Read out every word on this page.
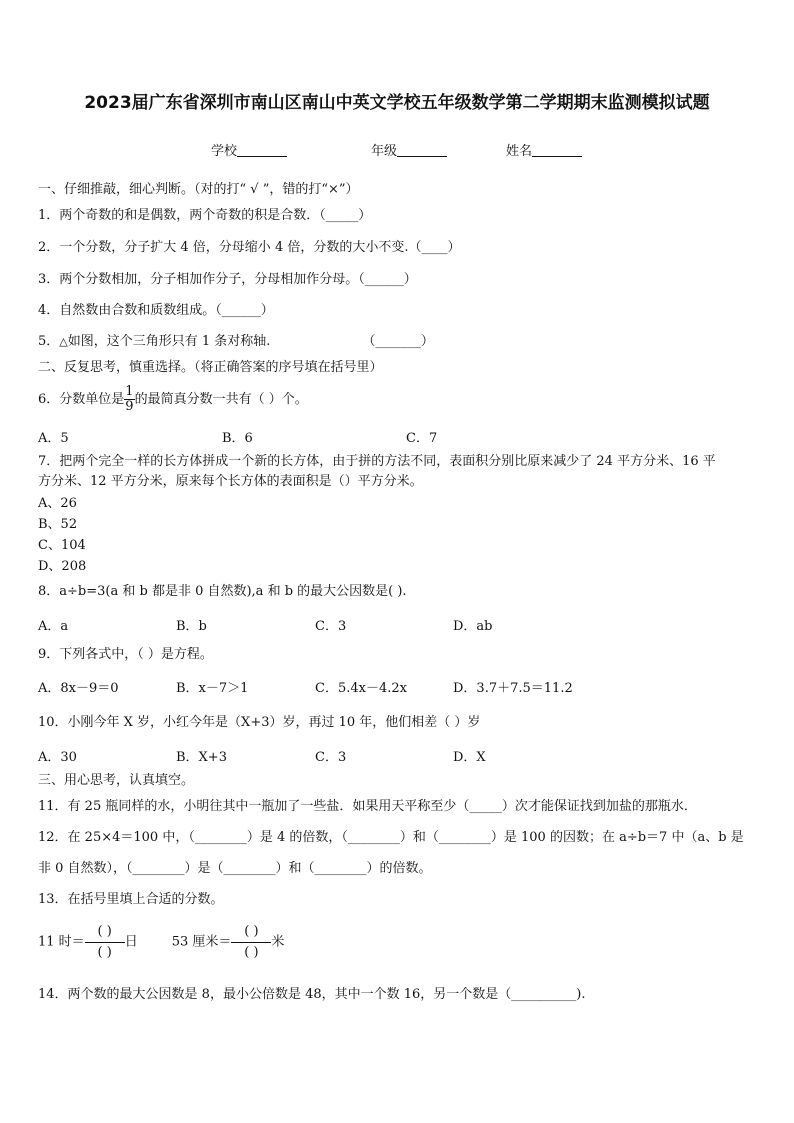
2023届广东省深圳市南山区南山中英文学校五年级数学第二学期期末监测模拟试题
学校	年级	姓名
一、仔细推敲，细心判断。（对的打“ √ ”，错的打“×”）
1．两个奇数的和是偶数，两个奇数的积是合数．（_____）
2．一个分数，分子扩大 4 倍，分母缩小 4 倍，分数的大小不变.（____）
3．两个分数相加，分子相加作分子，分母相加作分母。（______）
4．自然数由合数和质数组成。（______）
5．△如图，这个三角形只有 1 条对称轴.	（_______）
二、反复思考，慎重选择。（将正确答案的序号填在括号里）
6．分数单位是 $\frac{1}{9}$ 的最简真分数一共有（ ）个。
A．5	B．6	C．7
7．把两个完全一样的长方体拼成一个新的长方体，由于拼的方法不同，表面积分别比原来减少了 24 平方分米、16 平
方分米、12 平方分米，原来每个长方体的表面积是（）平方分米。
A、26
B、52
C、104
D、208
8．a÷b=3(a 和 b 都是非 0 自然数),a 和 b 的最大公因数是( ).
A．a	B．b	C．3	D．ab
9．下列各式中，（ ）是方程。
A．8x－9＝0	B．x－7＞1	C．5.4x－4.2x	D．3.7＋7.5＝11.2
10．小刚今年 X 岁，小红今年是（X+3）岁，再过 10 年，他们相差（ ）岁
A．30	B．X+3	C．3	D．X
三、用心思考，认真填空。
11．有 25 瓶同样的水，小明往其中一瓶加了一些盐．如果用天平称至少（_____）次才能保证找到加盐的那瓶水．
12．在 25×4＝100 中，（________）是 4 的倍数，（________）和（________）是 100 的因数；在 a÷b＝7 中（a、b 是
非 0 自然数），（________）是（________）和（________）的倍数。
13．在括号里填上合适的分数。
11 时＝
( )
( )
日	53 厘米＝
( )
( )
米
14．两个数的最大公因数是 8，最小公倍数是 48，其中一个数 16，另一个数是（__________).
